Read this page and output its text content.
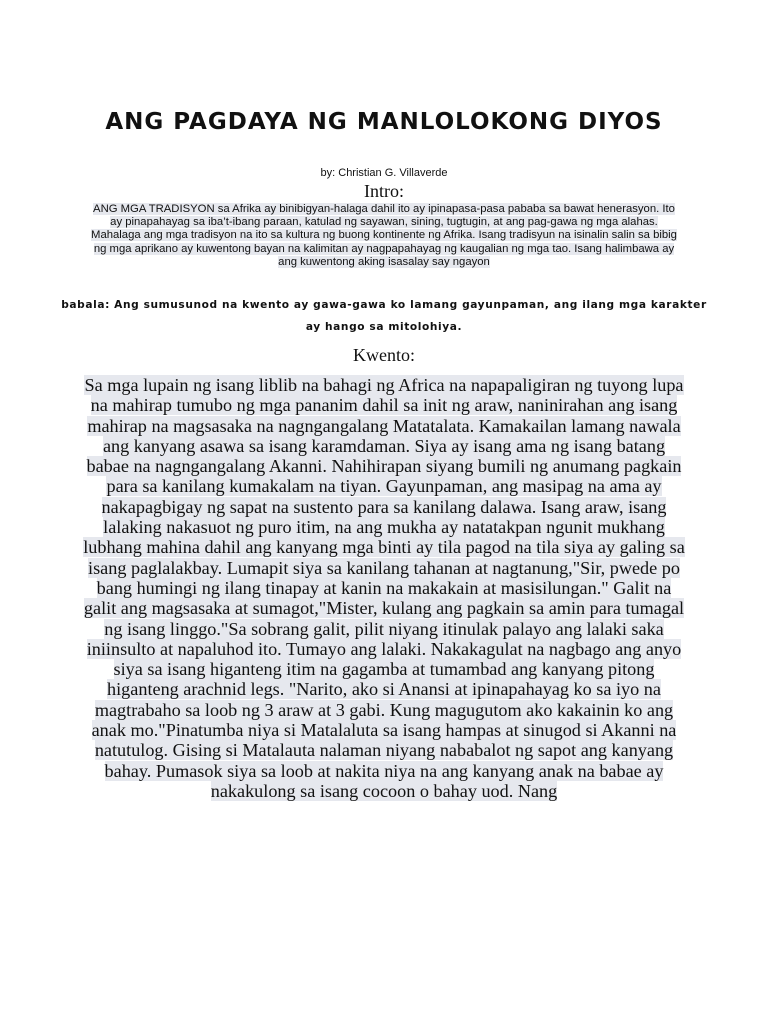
ANG PAGDAYA NG MANLOLOKONG DIYOS
by: Christian G. Villaverde
Intro:
ANG MGA TRADISYON sa Afrika ay binibigyan-halaga dahil ito ay ipinapasa-pasa pababa sa bawat henerasyon. Ito ay pinapahayag sa iba’t-ibang paraan, katulad ng sayawan, sining, tugtugin, at ang pag-gawa ng mga alahas. Mahalaga ang mga tradisyon na ito sa kultura ng buong kontinente ng Afrika. Isang tradisyun na isinalin salin sa bibig ng mga aprikano ay kuwentong bayan na kalimitan ay nagpapahayag ng kaugalian ng mga tao. Isang halimbawa ay ang kuwentong aking isasalay say ngayon
babala: Ang sumusunod na kwento ay gawa-gawa ko lamang gayunpaman, ang ilang mga karakter ay hango sa mitolohiya.
Kwento:
Sa mga lupain ng isang liblib na bahagi ng Africa na napapaligiran ng tuyong lupa na mahirap tumubo ng mga pananim dahil sa init ng araw, naninirahan ang isang mahirap na magsasaka na nagngangalang Matatalata. Kamakailan lamang nawala ang kanyang asawa sa isang karamdaman. Siya ay isang ama ng isang batang babae na nagngangalang Akanni. Nahihirapan siyang bumili ng anumang pagkain para sa kanilang kumakalam na tiyan. Gayunpaman, ang masipag na ama ay nakapagbigay ng sapat na sustento para sa kanilang dalawa. Isang araw, isang lalaking nakasuot ng puro itim, na ang mukha ay natatakpan ngunit mukhang lubhang mahina dahil ang kanyang mga binti ay tila pagod na tila siya ay galing sa isang paglalakbay. Lumapit siya sa kanilang tahanan at nagtanung,"Sir, pwede po bang humingi ng ilang tinapay at kanin na makakain at masisilungan." Galit na galit ang magsasaka at sumagot,"Mister, kulang ang pagkain sa amin para tumagal ng isang linggo."Sa sobrang galit, pilit niyang itinulak palayo ang lalaki saka iniinsulto at napaluhod ito. Tumayo ang lalaki. Nakakagulat na nagbago ang anyo siya sa isang higanteng itim na gagamba at tumambad ang kanyang pitong higanteng arachnid legs. "Narito, ako si Anansi at ipinapahayag ko sa iyo na magtrabaho sa loob ng 3 araw at 3 gabi. Kung magugutom ako kakainin ko ang anak mo."Pinatumba niya si Matalaluta sa isang hampas at sinugod si Akanni na natutulog. Gising si Matalauta nalaman niyang nababalot ng sapot ang kanyang bahay. Pumasok siya sa loob at nakita niya na ang kanyang anak na babae ay nakakulong sa isang cocoon o bahay uod. Nang
